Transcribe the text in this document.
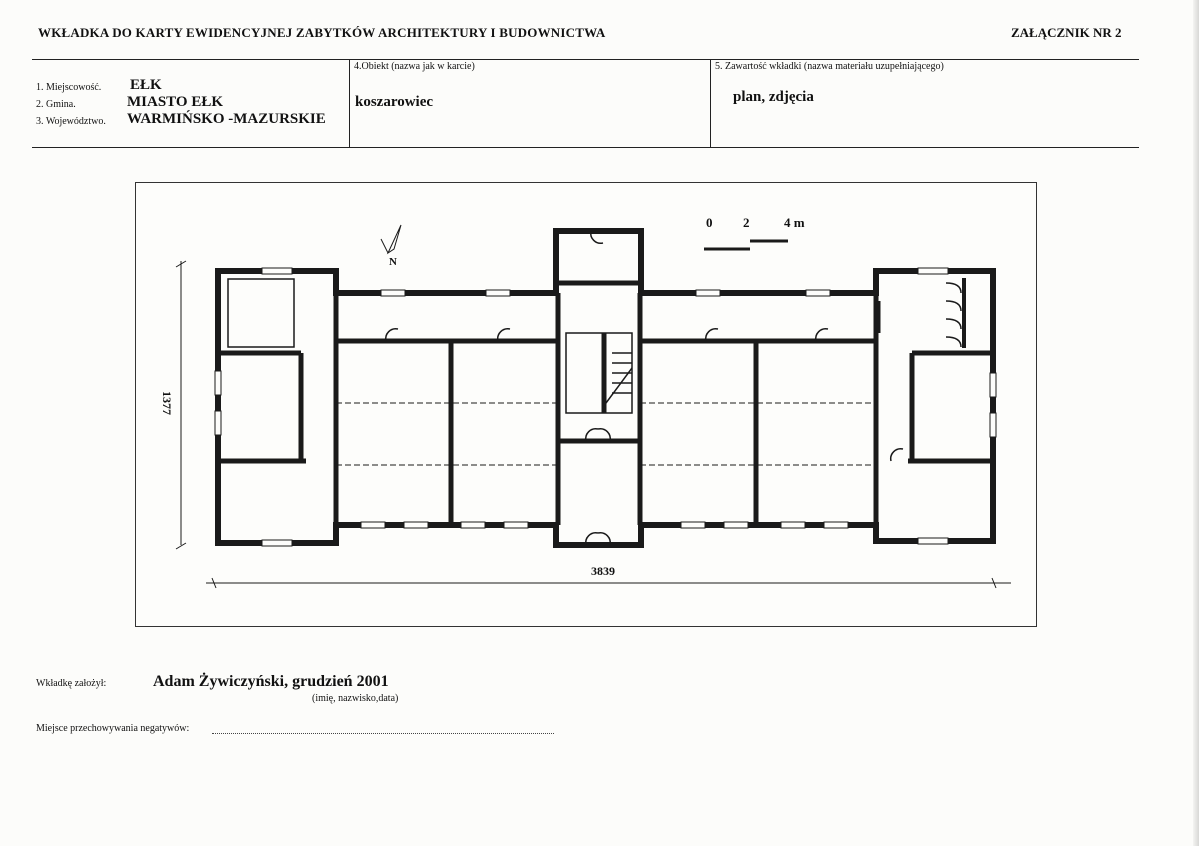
WKŁADKA DO KARTY EWIDENCYJNEJ ZABYTKÓW ARCHITEKTURY I BUDOWNICTWA	ZAŁĄCZNIK NR 2
1. Miejscowość. EŁK
2. Gmina.	MIASTO EŁK
3. Województwo. WARMIŃSKO -MAZURSKIE
4.Obiekt (nazwa jak w karcie)
koszarowiec
5. Zawartość wkładki (nazwa materiału uzupełniającego)
plan, zdjęcia
0 2	4 m
N
3839
1377
Wkładkę założył:	Adam Żywiczyński, grudzień 2001
(imię, nazwisko,data)
Miejsce przechowywania negatywów:
